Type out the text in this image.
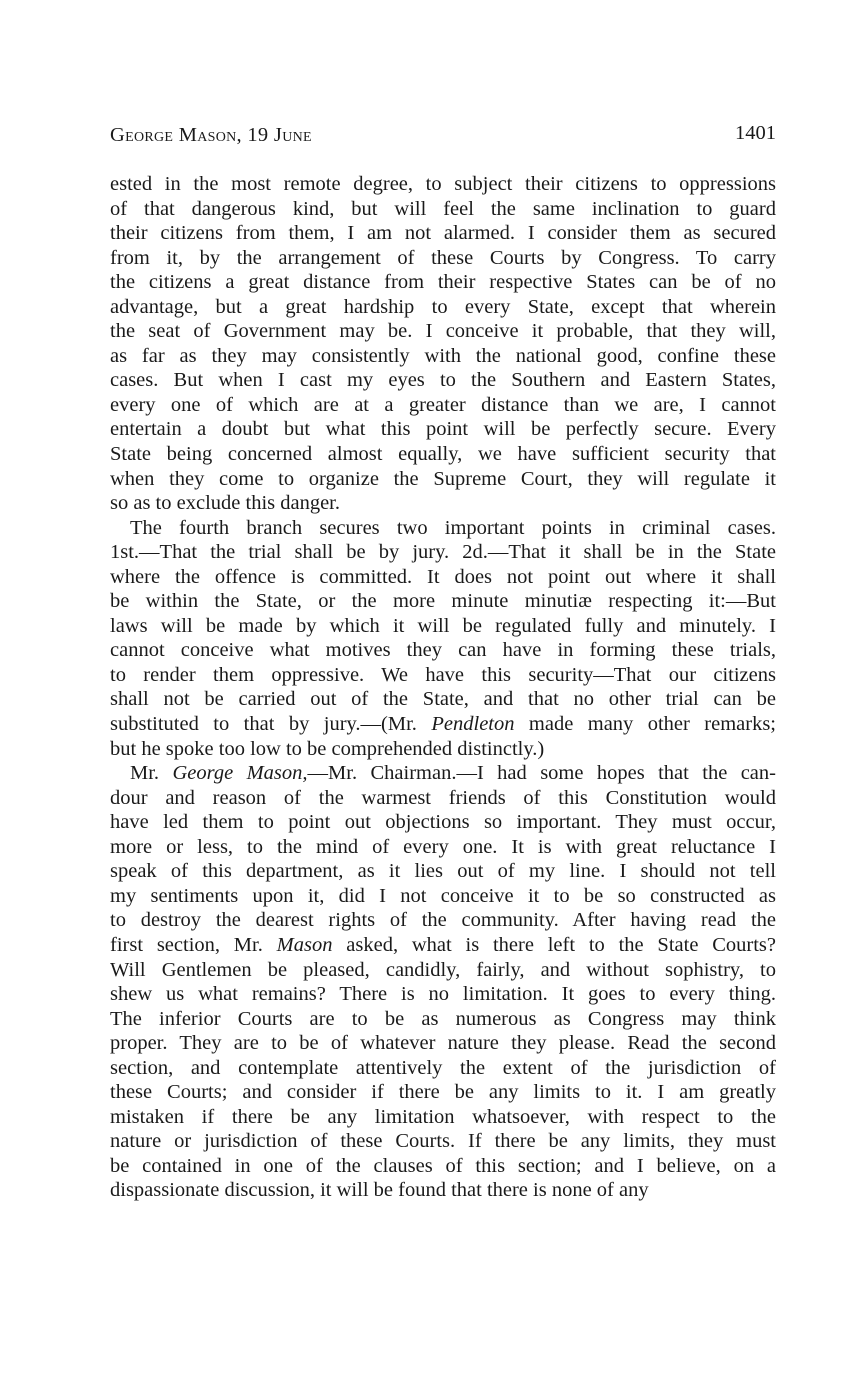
George Mason, 19 June	1401
ested in the most remote degree, to subject their citizens to oppressions
of that dangerous kind, but will feel the same inclination to guard
their citizens from them, I am not alarmed. I consider them as secured
from it, by the arrangement of these Courts by Congress. To carry
the citizens a great distance from their respective States can be of no
advantage, but a great hardship to every State, except that wherein
the seat of Government may be. I conceive it probable, that they will,
as far as they may consistently with the national good, confine these
cases. But when I cast my eyes to the Southern and Eastern States,
every one of which are at a greater distance than we are, I cannot
entertain a doubt but what this point will be perfectly secure. Every
State being concerned almost equally, we have sufficient security that
when they come to organize the Supreme Court, they will regulate it
so as to exclude this danger.
The fourth branch secures two important points in criminal cases.
1st.—That the trial shall be by jury. 2d.—That it shall be in the State
where the offence is committed. It does not point out where it shall
be within the State, or the more minute minutiæ respecting it:—But
laws will be made by which it will be regulated fully and minutely. I
cannot conceive what motives they can have in forming these trials,
to render them oppressive. We have this security—That our citizens
shall not be carried out of the State, and that no other trial can be
substituted to that by jury.—(Mr. Pendleton made many other remarks;
but he spoke too low to be comprehended distinctly.)
Mr. George Mason,—Mr. Chairman.—I had some hopes that the can-
dour and reason of the warmest friends of this Constitution would
have led them to point out objections so important. They must occur,
more or less, to the mind of every one. It is with great reluctance I
speak of this department, as it lies out of my line. I should not tell
my sentiments upon it, did I not conceive it to be so constructed as
to destroy the dearest rights of the community. After having read the
first section, Mr. Mason asked, what is there left to the State Courts?
Will Gentlemen be pleased, candidly, fairly, and without sophistry, to
shew us what remains? There is no limitation. It goes to every thing.
The inferior Courts are to be as numerous as Congress may think
proper. They are to be of whatever nature they please. Read the second
section, and contemplate attentively the extent of the jurisdiction of
these Courts; and consider if there be any limits to it. I am greatly
mistaken if there be any limitation whatsoever, with respect to the
nature or jurisdiction of these Courts. If there be any limits, they must
be contained in one of the clauses of this section; and I believe, on a
dispassionate discussion, it will be found that there is none of any
